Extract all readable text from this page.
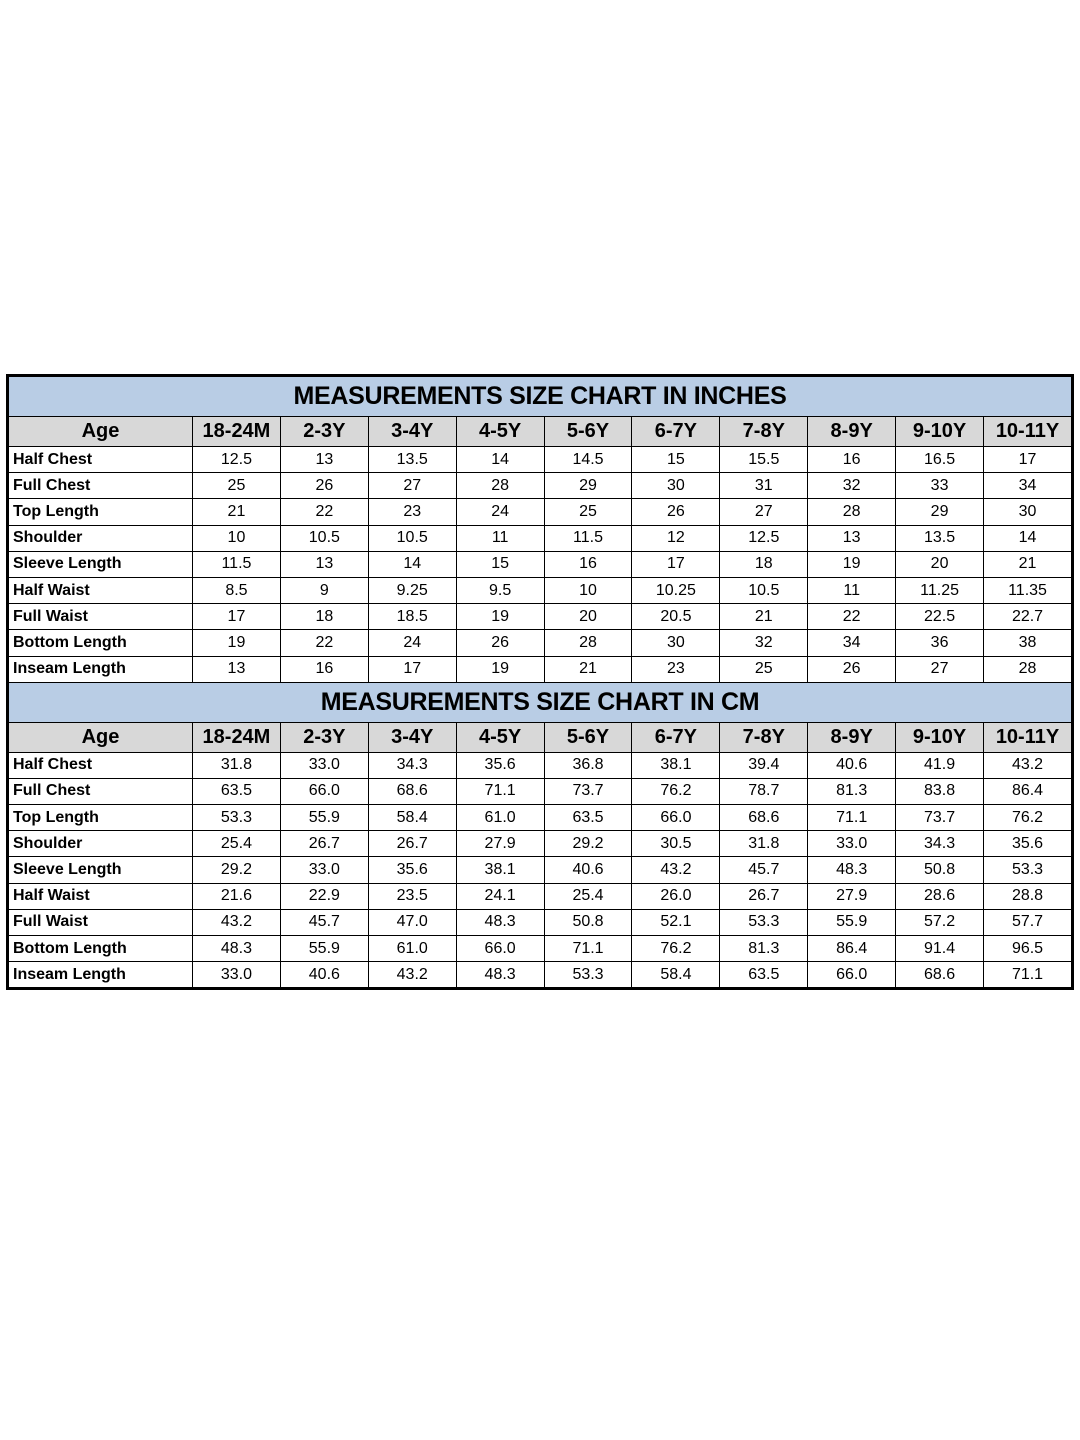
MEASUREMENTS SIZE CHART IN INCHES										
Age	18-24M	2-3Y	3-4Y	4-5Y	5-6Y	6-7Y	7-8Y	8-9Y	9-10Y	10-11Y
Half Chest	12.5	13	13.5	14	14.5	15	15.5	16	16.5	17
Full Chest	25	26	27	28	29	30	31	32	33	34
Top Length	21	22	23	24	25	26	27	28	29	30
Shoulder	10	10.5	10.5	11	11.5	12	12.5	13	13.5	14
Sleeve Length	11.5	13	14	15	16	17	18	19	20	21
Half Waist	8.5	9	9.25	9.5	10	10.25	10.5	11	11.25	11.35
Full Waist	17	18	18.5	19	20	20.5	21	22	22.5	22.7
Bottom Length	19	22	24	26	28	30	32	34	36	38
Inseam Length	13	16	17	19	21	23	25	26	27	28
MEASUREMENTS SIZE CHART IN CM										
Age	18-24M	2-3Y	3-4Y	4-5Y	5-6Y	6-7Y	7-8Y	8-9Y	9-10Y	10-11Y
Half Chest	31.8	33.0	34.3	35.6	36.8	38.1	39.4	40.6	41.9	43.2
Full Chest	63.5	66.0	68.6	71.1	73.7	76.2	78.7	81.3	83.8	86.4
Top Length	53.3	55.9	58.4	61.0	63.5	66.0	68.6	71.1	73.7	76.2
Shoulder	25.4	26.7	26.7	27.9	29.2	30.5	31.8	33.0	34.3	35.6
Sleeve Length	29.2	33.0	35.6	38.1	40.6	43.2	45.7	48.3	50.8	53.3
Half Waist	21.6	22.9	23.5	24.1	25.4	26.0	26.7	27.9	28.6	28.8
Full Waist	43.2	45.7	47.0	48.3	50.8	52.1	53.3	55.9	57.2	57.7
Bottom Length	48.3	55.9	61.0	66.0	71.1	76.2	81.3	86.4	91.4	96.5
Inseam Length	33.0	40.6	43.2	48.3	53.3	58.4	63.5	66.0	68.6	71.1
